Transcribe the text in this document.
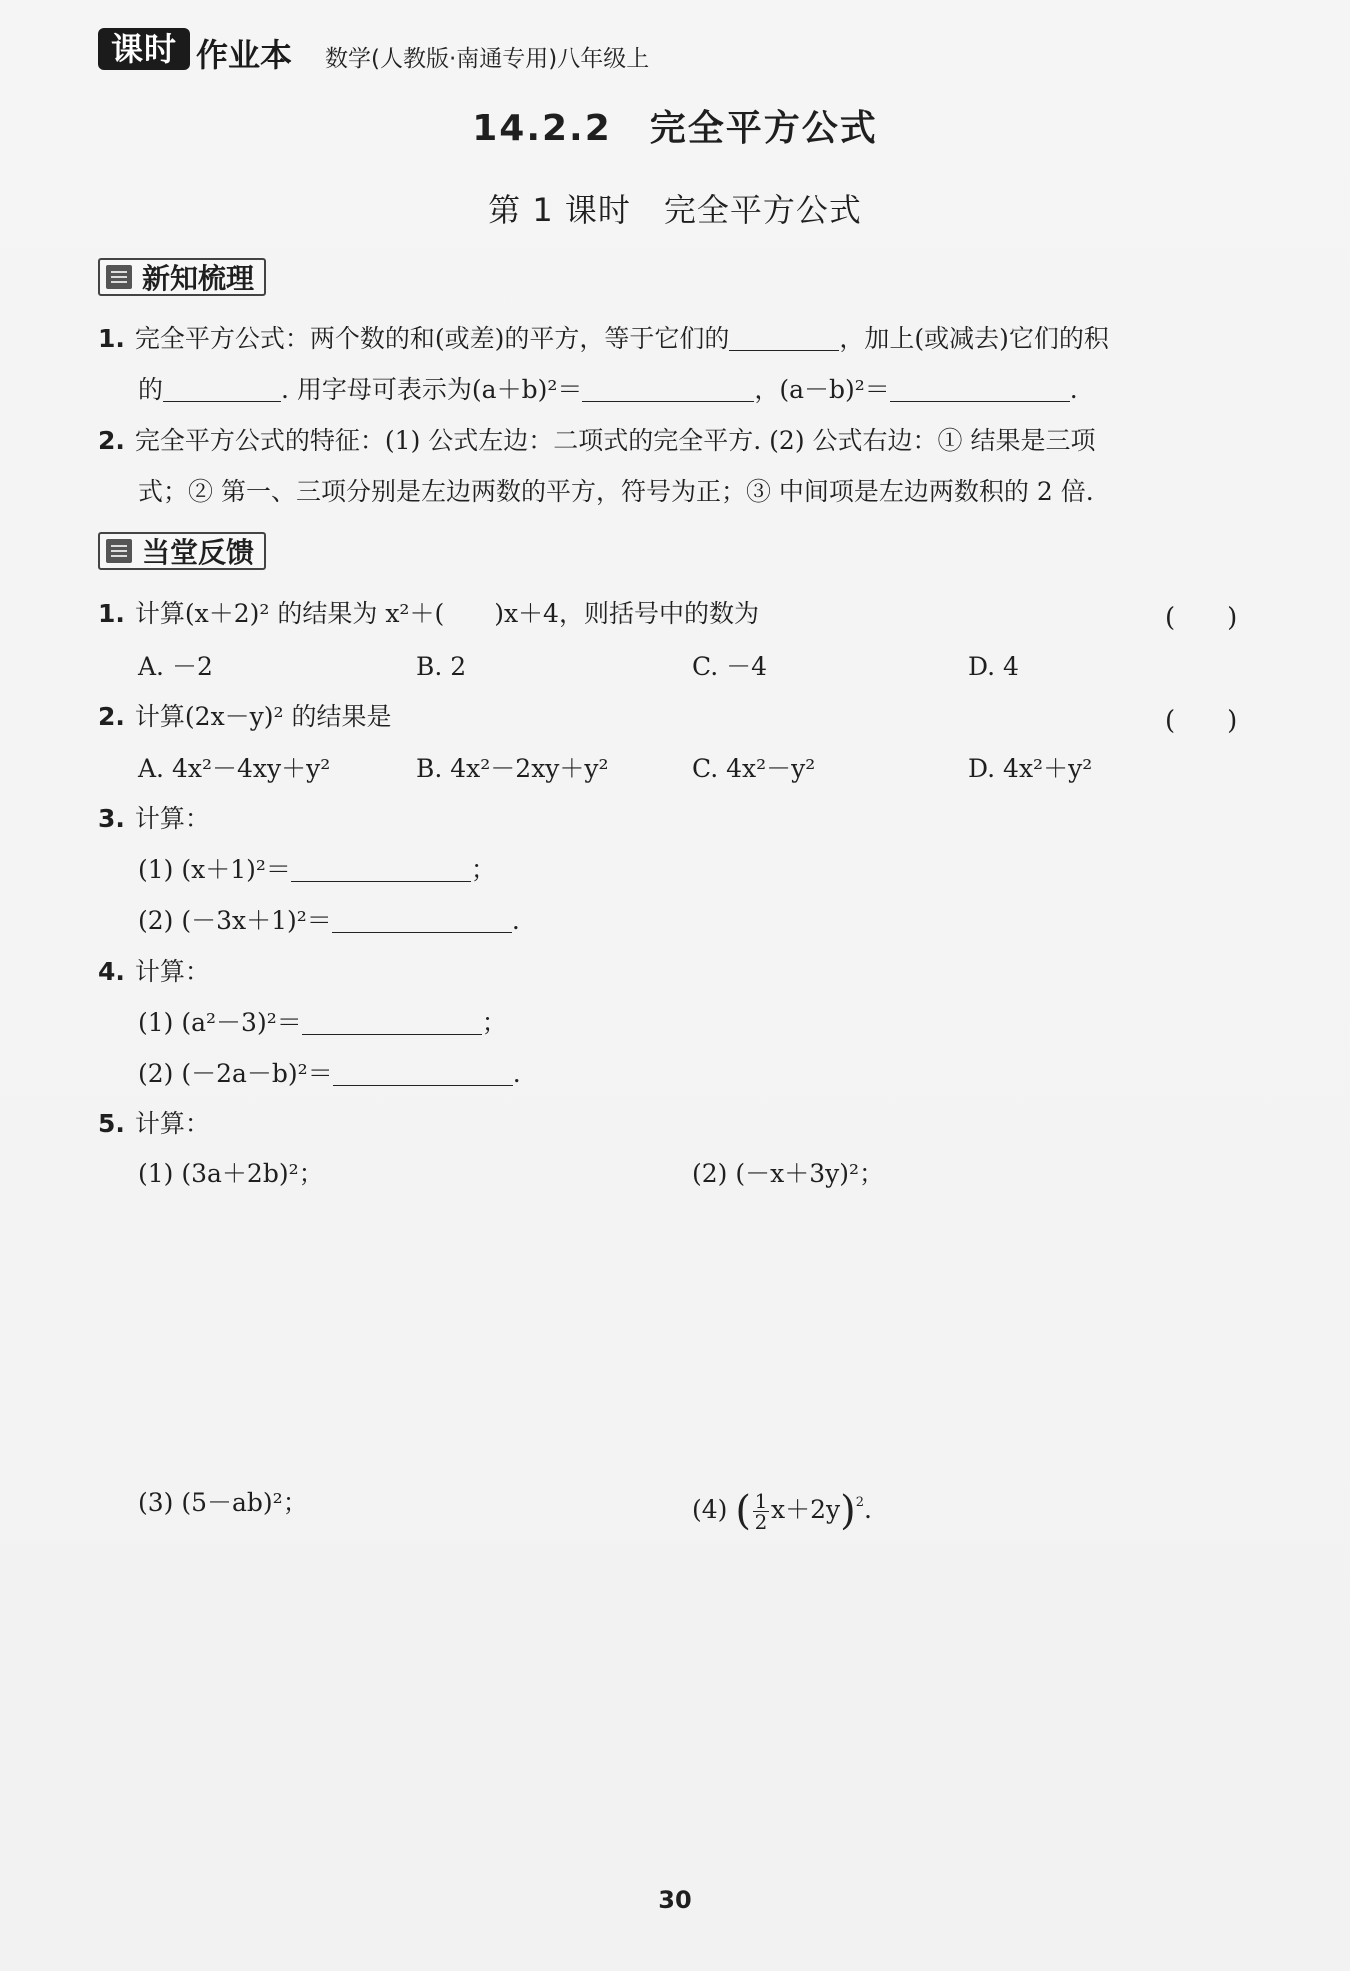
课时 作业本 数学(人教版·南通专用)八年级上
14.2.2　完全平方公式
第 1 课时　完全平方公式
新知梳理
1. 完全平方公式：两个数的和(或差)的平方，等于它们的	，加上(或减去)它们的积
的	. 用字母可表示为(a＋b)²＝	，(a－b)²＝	.
2. 完全平方公式的特征：(1) 公式左边：二项式的完全平方. (2) 公式右边：① 结果是三项
式；② 第一、三项分别是左边两数的平方，符号为正；③ 中间项是左边两数积的 2 倍.
当堂反馈
1. 计算(x＋2)² 的结果为 x²＋(　　)x＋4，则括号中的数为	(　　)
A. －2	B. 2	C. －4	D. 4
2. 计算(2x－y)² 的结果是	(　　)
A. 4x²－4xy＋y²	B. 4x²－2xy＋y²	C. 4x²－y²	D. 4x²＋y²
3. 计算：
(1) (x＋1)²＝	；
(2) (－3x＋1)²＝	.
4. 计算：
(1) (a²－3)²＝	；
(2) (－2a－b)²＝	.
5. 计算：
(1) (3a＋2b)²；	(2) (－x＋3y)²；
(3) (5－ab)²；	(4) ( $\frac{1}{2} x+2y)^2$.
30
